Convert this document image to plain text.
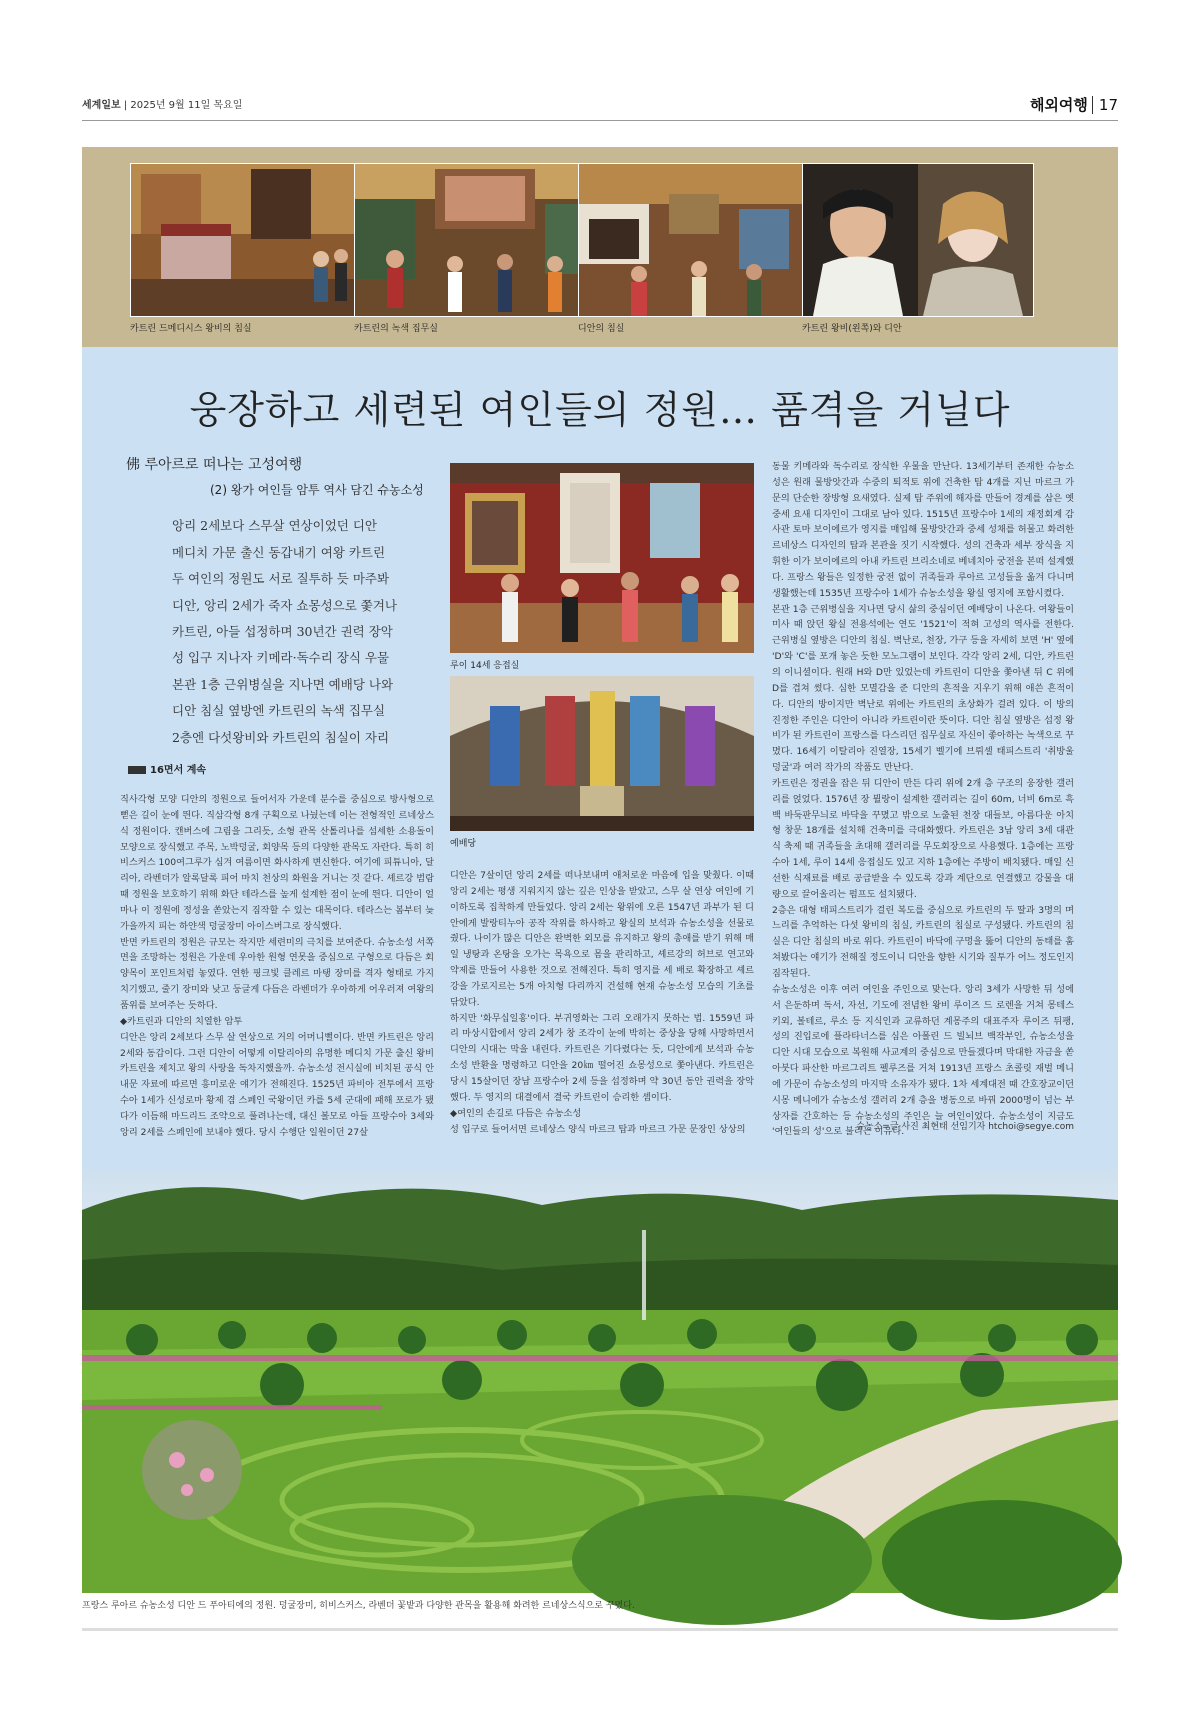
세계일보 | 2025년 9월 11일 목요일	해외여행 17
카트린 드메디시스 왕비의 침실	카트린의 녹색 집무실	디안의 침실	카트린 왕비(왼쪽)와 디안
웅장하고 세련된 여인들의 정원… 품격을 거닐다
佛 루아르로 떠나는 고성여행
(2) 왕가 여인들 암투 역사 담긴 슈농소성
앙리 2세보다 스무살 연상이었던 디안
메디치 가문 출신 동갑내기 여왕 카트린
두 여인의 정원도 서로 질투하 듯 마주봐
디안, 앙리 2세가 죽자 쇼몽성으로 쫓겨나
카트린, 아들 섭정하며 30년간 권력 장악
성 입구 지나자 키메라·독수리 장식 우물
본관 1층 근위병실을 지나면 예배당 나와
디안 침실 옆방엔 카트린의 녹색 집무실
2층엔 다섯왕비와 카트린의 침실이 자리
16면서 계속
직사각형 모양 디안의 정원으로 들어서자 가운데 분수를 중심으로 방사형으로 뻗은 길이 눈에 띈다. 직삼각형 8개 구획으로 나눴는데 이는 전형적인 르네상스식 정원이다. 캔버스에 그림을 그리듯, 소형 관목 산톨리나를 섬세한 소용돌이 모양으로 장식했고 주목, 노박덩굴, 회양목 등의 다양한 관목도 자란다. 특히 히비스커스 100여그루가 심겨 여름이면 화사하게 변신한다. 여기에 피튜니아, 달리아, 라벤더가 알록달록 피어 마치 천상의 화원을 거니는 것 같다. 셰르강 범람 때 정원을 보호하기 위해 화단 테라스를 높게 설계한 점이 눈에 띈다. 디안이 얼마나 이 정원에 정성을 쏟았는지 짐작할 수 있는 대목이다. 테라스는 봄부터 늦가을까지 피는 하얀색 덩굴장미 아이스버그로 장식했다.
반면 카트린의 정원은 규모는 작지만 세련미의 극치를 보여준다. 슈농소성 서쪽 면을 조망하는 정원은 가운데 우아한 원형 연못을 중심으로 구형으로 다듬은 회양목이 포인트처럼 놓였다. 연한 핑크빛 클레르 마탱 장미를 격자 형태로 가지치기했고, 줄기 장미와 낮고 둥글게 다듬은 라벤더가 우아하게 어우러져 여왕의 품위를 보여주는 듯하다.
◆카트린과 디안의 치열한 암투
디안은 앙리 2세보다 스무 살 연상으로 거의 어머니뻘이다. 반면 카트린은 앙리 2세와 동갑이다. 그런 디안이 어떻게 이탈리아의 유명한 메디치 가문 출신 왕비 카트린을 제치고 왕의 사랑을 독차지했을까. 슈농소성 전시실에 비치된 공식 안내문 자료에 따르면 흥미로운 얘기가 전해진다. 1525년 파비아 전투에서 프랑수아 1세가 신성로마 황제 겸 스페인 국왕이던 카를 5세 군대에 패해 포로가 됐다가 이듬해 마드리드 조약으로 풀려나는데, 대신 볼모로 아들 프랑수아 3세와 앙리 2세를 스페인에 보내야 했다. 당시 수행단 일원이던 27살
루이 14세 응접실
예배당
디안은 7살이던 앙리 2세를 떠나보내며 애처로운 마음에 입을 맞췄다. 이때 앙리 2세는 평생 지워지지 않는 깊은 인상을 받았고, 스무 살 연상 여인에 기이하도록 집착하게 만들었다. 앙리 2세는 왕위에 오른 1547년 과부가 된 디안에게 발랑티누아 공작 작위를 하사하고 왕실의 보석과 슈농소성을 선물로 줬다. 나이가 많은 디안은 완벽한 외모를 유지하고 왕의 총애를 받기 위해 매일 냉탕과 온탕을 오가는 목욕으로 몸을 관리하고, 셰르강의 허브로 연고와 약제를 만들어 사용한 것으로 전해진다. 특히 영지를 세 배로 확장하고 셰르강을 가로지르는 5개 아치형 다리까지 건설해 현재 슈농소성 모습의 기초를 닦았다.
하지만 '화무십일홍'이다. 부귀영화는 그리 오래가지 못하는 법. 1559년 파리 마상시합에서 앙리 2세가 창 조각이 눈에 박히는 중상을 당해 사망하면서 디안의 시대는 막을 내린다. 카트린은 기다렸다는 듯, 디안에게 보석과 슈농소성 반환을 명령하고 디안을 20㎞ 떨어진 쇼몽성으로 쫓아낸다. 카트린은 당시 15살이던 장남 프랑수아 2세 등을 섭정하며 약 30년 동안 권력을 장악했다. 두 영지의 대결에서 결국 카트린이 승리한 셈이다.
◆여인의 손길로 다듬은 슈농소성
성 입구로 들어서면 르네상스 양식 마르크 탑과 마르크 가문 문장인 상상의
동물 키메라와 독수리로 장식한 우물을 만난다. 13세기부터 존재한 슈농소성은 원래 물방앗간과 수중의 퇴적토 위에 건축한 탑 4개를 지닌 마르크 가문의 단순한 장방형 요새였다. 실제 탑 주위에 해자를 만들어 경계를 삼은 옛 중세 요새 디자인이 그대로 남아 있다. 1515년 프랑수아 1세의 재정회계 감사관 토마 보이에르가 영지를 매입해 물방앗간과 중세 성채를 허물고 화려한 르네상스 디자인의 탑과 본관을 짓기 시작했다. 성의 건축과 세부 장식을 지휘한 이가 보이에르의 아내 카트린 브리소네로 베네치아 궁전을 본떠 설계했다. 프랑스 왕들은 일정한 궁전 없이 귀족들과 루아르 고성들을 옮겨 다니며 생활했는데 1535년 프랑수아 1세가 슈농소성을 왕실 영지에 포함시켰다.
본관 1층 근위병실을 지나면 당시 삶의 중심이던 예배당이 나온다. 여왕들이 미사 때 앉던 왕실 전용석에는 연도 '1521'이 적혀 고성의 역사를 전한다. 근위병실 옆방은 디안의 침실. 벽난로, 천장, 가구 등을 자세히 보면 'H' 옆에 'D'와 'C'를 포개 놓은 듯한 모노그램이 보인다. 각각 앙리 2세, 디안, 카트린의 이니셜이다. 원래 H와 D만 있었는데 카트린이 디안을 쫓아낸 뒤 C 위에 D를 겹쳐 썼다. 심한 모멸감을 준 디안의 흔적을 지우기 위해 애쓴 흔적이다. 디안의 방이지만 벽난로 위에는 카트린의 초상화가 걸려 있다. 이 방의 진정한 주인은 디안이 아니라 카트린이란 뜻이다. 디안 침실 옆방은 섭정 왕비가 된 카트린이 프랑스를 다스리던 집무실로 자신이 좋아하는 녹색으로 꾸몄다. 16세기 이탈리아 진열장, 15세기 벨기에 브뤼셀 태피스트리 '취방울덩굴'과 여러 작가의 작품도 만난다.
카트린은 정권을 잡은 뒤 디안이 만든 다리 위에 2개 층 구조의 웅장한 갤러리를 얹었다. 1576년 장 뷜랑이 설계한 갤러리는 길이 60m, 너비 6m로 흑백 바둑판무늬로 바닥을 꾸몄고 밖으로 노출된 천장 대들보, 아름다운 아치형 창문 18개를 설치해 건축미를 극대화했다. 카트린은 3남 앙리 3세 대관식 축제 때 귀족들을 초대해 갤러리를 무도회장으로 사용했다. 1층에는 프랑수아 1세, 루이 14세 응접실도 있고 지하 1층에는 주방이 배치됐다. 매일 신선한 식재료를 배로 공급받을 수 있도록 강과 계단으로 연결했고 강물을 대량으로 끌어올리는 펌프도 설치됐다.
2층은 대형 태피스트리가 걸린 복도를 중심으로 카트린의 두 딸과 3명의 며느리를 추억하는 다섯 왕비의 침실, 카트린의 침실로 구성됐다. 카트린의 침실은 디안 침실의 바로 위다. 카트린이 바닥에 구멍을 뚫어 디안의 동태를 훔쳐봤다는 얘기가 전해질 정도이니 디안을 향한 시기와 질투가 어느 정도인지 짐작된다.
슈농소성은 이후 여러 여인을 주인으로 맞는다. 앙리 3세가 사망한 뒤 성에서 은둔하며 독서, 자선, 기도에 전념한 왕비 루이즈 드 로렌을 거쳐 몽테스키외, 볼테르, 루소 등 지식인과 교류하던 계몽주의 대표주자 루이즈 뒤팽, 성의 진입로에 플라타너스를 심은 아폴린 드 빌뇌브 백작부인, 슈농소성을 디안 시대 모습으로 복원해 사교계의 중심으로 만들겠다며 막대한 자금을 쏟아붓다 파산한 마르그리트 펠루즈를 거쳐 1913년 프랑스 초콜릿 재벌 메니에 가문이 슈농소성의 마지막 소유자가 됐다. 1차 세계대전 때 간호장교이던 시몽 메니에가 슈농소성 갤러리 2개 층을 병동으로 바꿔 2000명이 넘는 부상자를 간호하는 등 슈농소성의 주인은 늘 여인이었다. 슈농소성이 지금도 '여인들의 성'으로 불리는 이유다.
슈농소=글·사진 최현태 선임기자 htchoi@segye.com
프랑스 루아르 슈농소성 디안 드 푸아티에의 정원. 덩굴장미, 히비스커스, 라벤더 꽃밭과 다양한 관목을 활용해 화려한 르네상스식으로 꾸몄다.
